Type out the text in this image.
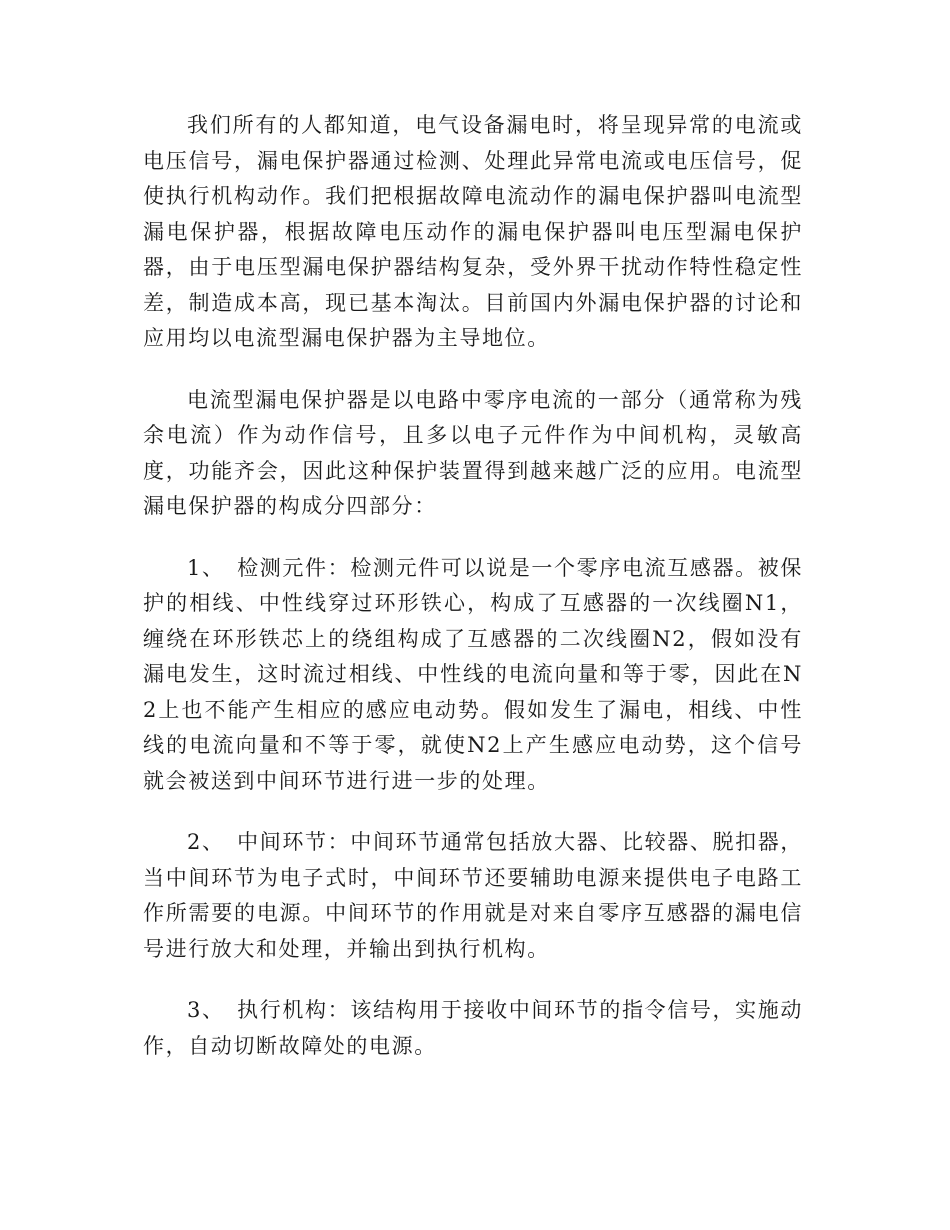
我们所有的人都知道，电气设备漏电时，将呈现异常的电流或电压信号，漏电保护器通过检测、处理此异常电流或电压信号，促使执行机构动作。我们把根据故障电流动作的漏电保护器叫电流型漏电保护器，根据故障电压动作的漏电保护器叫电压型漏电保护器，由于电压型漏电保护器结构复杂，受外界干扰动作特性稳定性差，制造成本高，现已基本淘汰。目前国内外漏电保护器的讨论和应用均以电流型漏电保护器为主导地位。

电流型漏电保护器是以电路中零序电流的一部分（通常称为残余电流）作为动作信号，且多以电子元件作为中间机构，灵敏高度，功能齐会，因此这种保护装置得到越来越广泛的应用。电流型漏电保护器的构成分四部分：

1、 检测元件：检测元件可以说是一个零序电流互感器。被保护的相线、中性线穿过环形铁心，构成了互感器的一次线圈N1，缠绕在环形铁芯上的绕组构成了互感器的二次线圈N2，假如没有漏电发生，这时流过相线、中性线的电流向量和等于零，因此在N2上也不能产生相应的感应电动势。假如发生了漏电，相线、中性线的电流向量和不等于零，就使N2上产生感应电动势，这个信号就会被送到中间环节进行进一步的处理。

2、 中间环节：中间环节通常包括放大器、比较器、脱扣器，当中间环节为电子式时，中间环节还要辅助电源来提供电子电路工作所需要的电源。中间环节的作用就是对来自零序互感器的漏电信号进行放大和处理，并输出到执行机构。

3、 执行机构：该结构用于接收中间环节的指令信号，实施动作，自动切断故障处的电源。
